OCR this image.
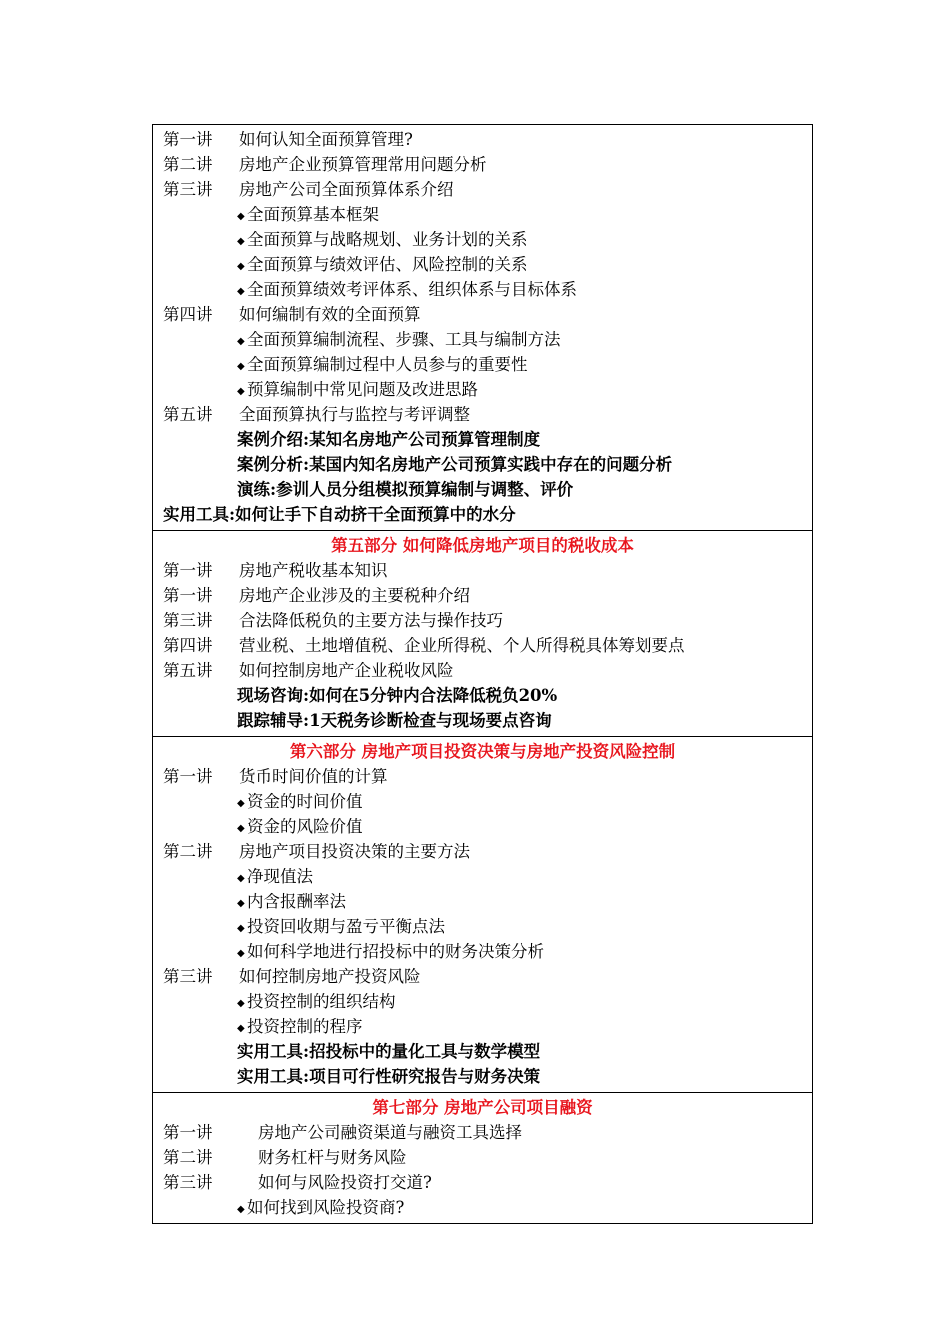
第一讲 如何认知全面预算管理?
第二讲 房地产企业预算管理常用问题分析
第三讲 房地产公司全面预算体系介绍
◆ 全面预算基本框架
◆ 全面预算与战略规划、业务计划的关系
◆ 全面预算与绩效评估、风险控制的关系
◆ 全面预算绩效考评体系、组织体系与目标体系
第四讲 如何编制有效的全面预算
◆ 全面预算编制流程、步骤、工具与编制方法
◆ 全面预算编制过程中人员参与的重要性
◆ 预算编制中常见问题及改进思路
第五讲 全面预算执行与监控与考评调整
案例介绍:某知名房地产公司预算管理制度
案例分析:某国内知名房地产公司预算实践中存在的问题分析
演练:参训人员分组模拟预算编制与调整、评价
实用工具:如何让手下自动挤干全面预算中的水分
第五部分 如何降低房地产项目的税收成本
第一讲 房地产税收基本知识
第一讲 房地产企业涉及的主要税种介绍
第三讲 合法降低税负的主要方法与操作技巧
第四讲 营业税、土地增值税、企业所得税、个人所得税具体筹划要点
第五讲 如何控制房地产企业税收风险
现场咨询:如何在5分钟内合法降低税负20%
跟踪辅导:1天税务诊断检查与现场要点咨询
第六部分 房地产项目投资决策与房地产投资风险控制
第一讲 货币时间价值的计算
◆ 资金的时间价值
◆ 资金的风险价值
第二讲 房地产项目投资决策的主要方法
◆ 净现值法
◆ 内含报酬率法
◆ 投资回收期与盈亏平衡点法
◆ 如何科学地进行招投标中的财务决策分析
第三讲 如何控制房地产投资风险
◆ 投资控制的组织结构
◆ 投资控制的程序
实用工具:招投标中的量化工具与数学模型
实用工具:项目可行性研究报告与财务决策
第七部分 房地产公司项目融资
第一讲	房地产公司融资渠道与融资工具选择
第二讲	财务杠杆与财务风险
第三讲	如何与风险投资打交道?
◆ 如何找到风险投资商?
